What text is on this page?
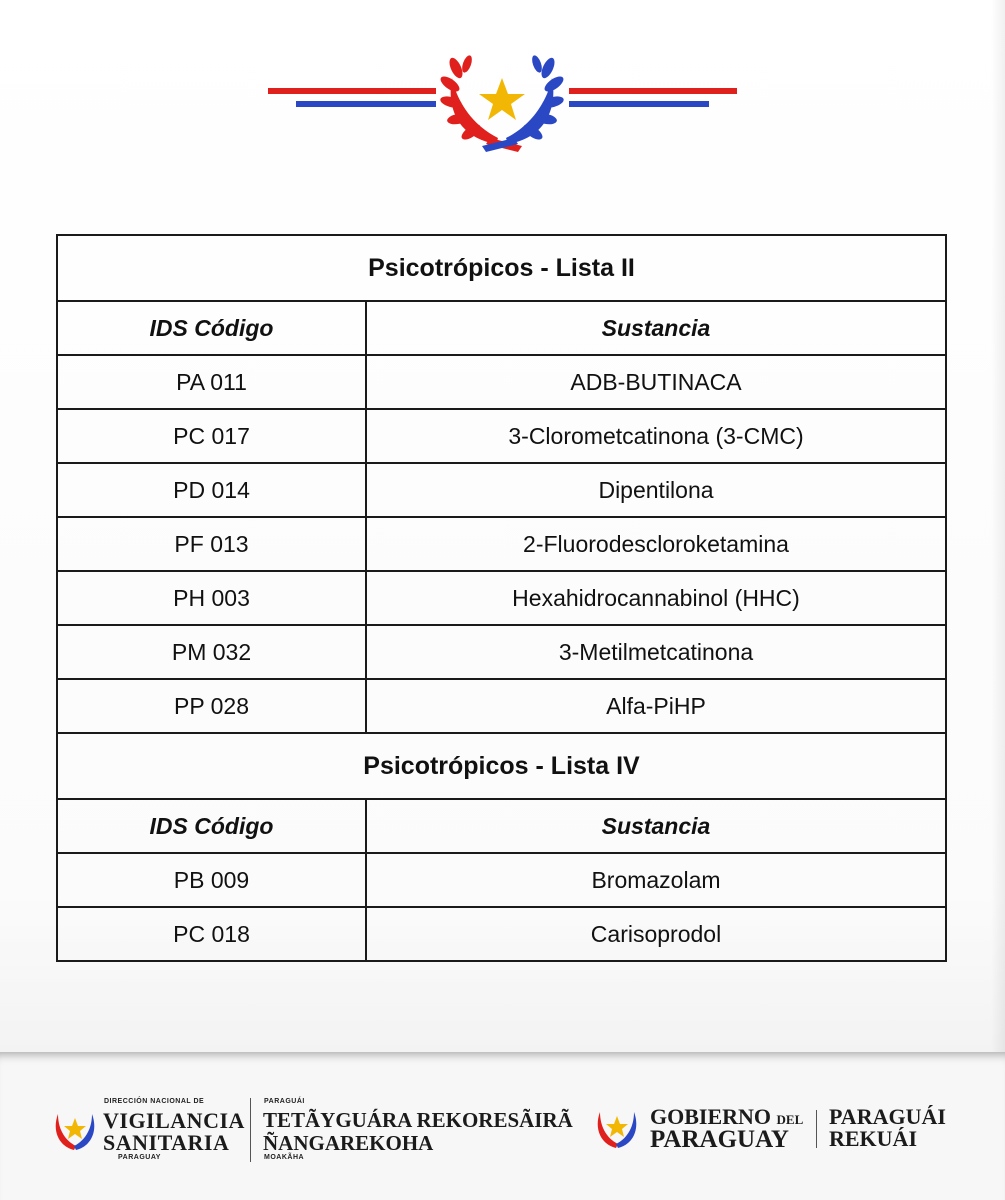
Psicotrópicos - Lista II	
IDS Código	Sustancia
PA 011	ADB-BUTINACA
PC 017	3-Clorometcatinona (3-CMC)
PD 014	Dipentilona
PF 013	2-Fluorodescloroketamina
PH 003	Hexahidrocannabinol (HHC)
PM 032	3-Metilmetcatinona
PP 028	Alfa-PiHP
Psicotrópicos - Lista IV	
IDS Código	Sustancia
PB 009	Bromazolam
PC 018	Carisoprodol
DIRECCIÓN NACIONAL DE
VIGILANCIA
SANITARIA
PARAGUAY
PARAGUÁI
TETÃYGUÁRA REKORESÃIRÃ
ÑANGAREKOHA
MOAKÃHA
GOBIERNO DEL
PARAGUAY
PARAGUÁI
REKUÁI
